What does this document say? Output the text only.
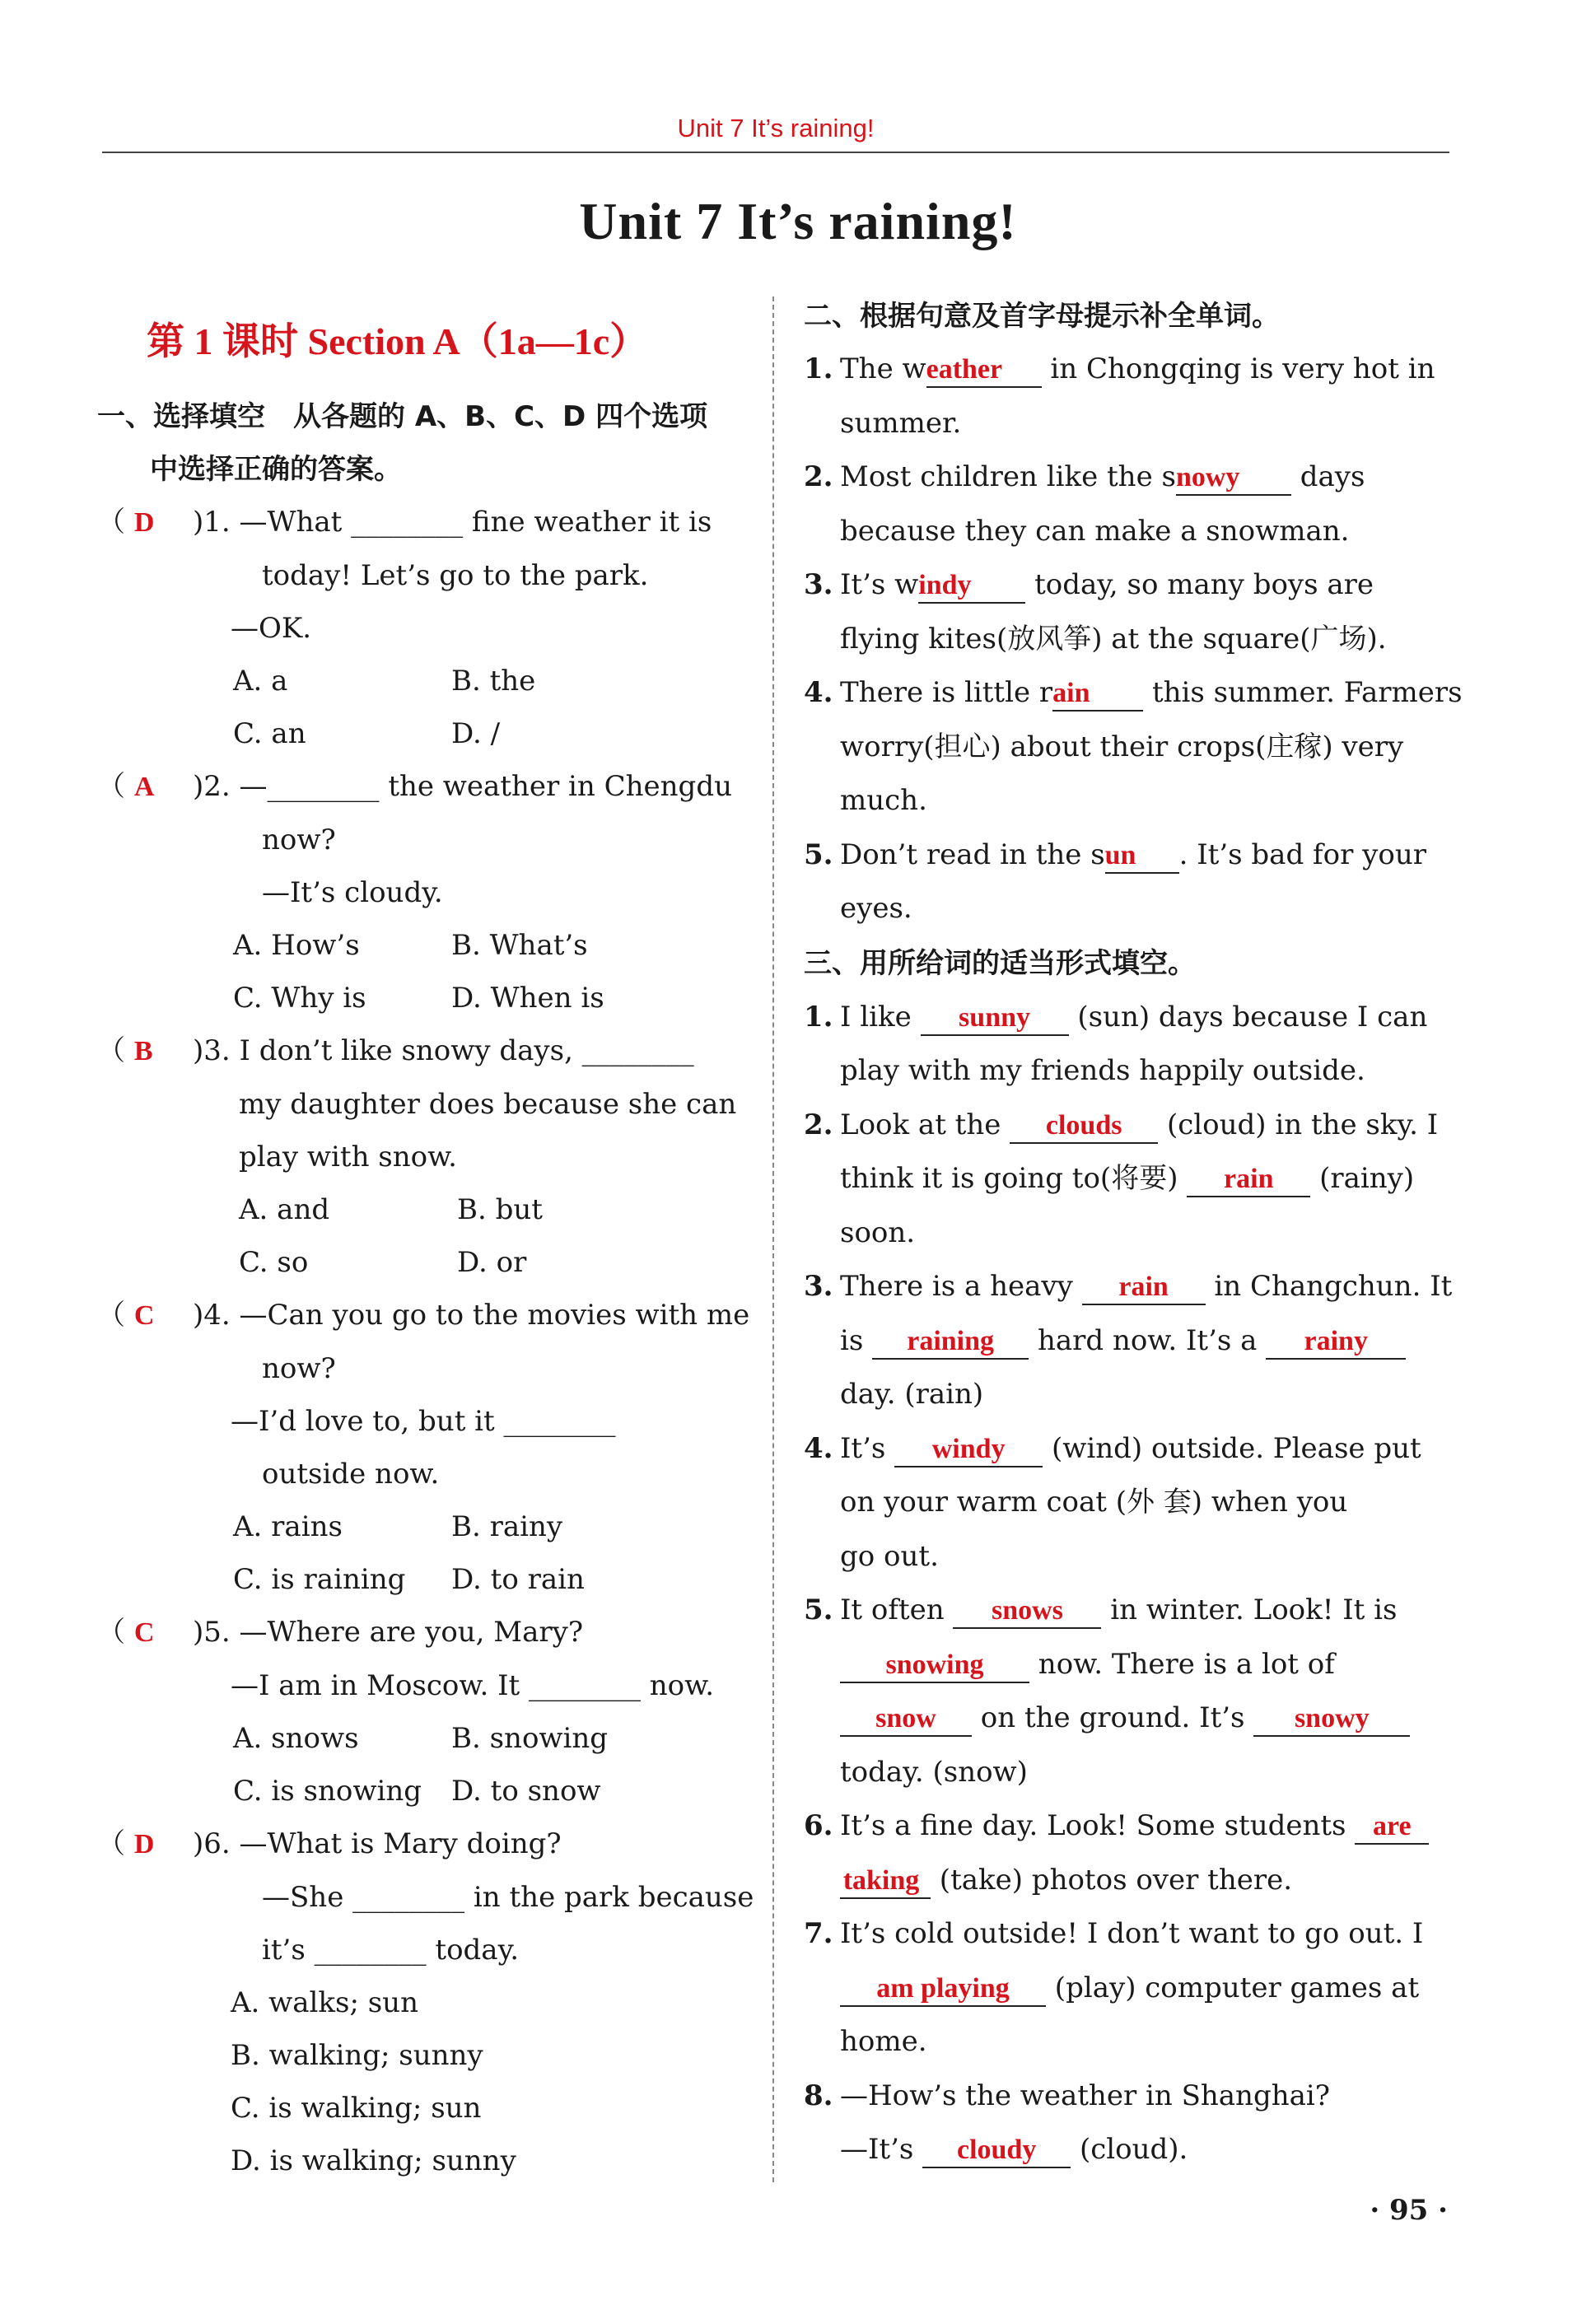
Unit 7 It’s raining!
Unit 7 It’s raining!
第 1 课时 Section A（1a—1c）
一、选择填空　从各题的 A、B、C、D 四个选项
中选择正确的答案。
（ D	)1. —What ________ fine weather it is
today! Let’s go to the park.
—OK.
A. a	B. the
C. an	D. /
（ A	)2. —________ the weather in Chengdu
now?
—It’s cloudy.
A. How’s	B. What’s
C. Why is	D. When is
（ B	)3. I don’t like snowy days, ________
my daughter does because she can
play with snow.
A. and	B. but
C. so	D. or
（ C	)4. —Can you go to the movies with me
now?
—I’d love to, but it ________
outside now.
A. rains	B. rainy
C. is raining	D. to rain
（ C	)5. —Where are you, Mary?
—I am in Moscow. It ________ now.
A. snows	B. snowing
C. is snowing	D. to snow
（ D	)6. —What is Mary doing?
—She ________ in the park because
it’s ________ today.
A. walks; sun
B. walking; sunny
C. is walking; sun
D. is walking; sunny
二、根据句意及首字母提示补全单词。
1. The weather in Chongqing is very hot in
summer.
2. Most children like the snowy days
because they can make a snowman.
3. It’s windy today, so many boys are
flying kites(放风筝) at the square(广场).
4. There is little rain this summer. Farmers
worry(担心) about their crops(庄稼) very
much.
5. Don’t read in the sun . It’s bad for your
eyes.
三、用所给词的适当形式填空。
1. I like sunny (sun) days because I can
play with my friends happily outside.
2. Look at the clouds (cloud) in the sky. I
think it is going to(将要) rain (rainy)
soon.
3. There is a heavy rain in Changchun. It
is raining hard now. It’s a rainy
day. (rain)
4. It’s windy (wind) outside. Please put
on your warm coat (外 套) when you
go out.
5. It often snows in winter. Look! It is
snowing now. There is a lot of
snow on the ground. It’s snowy
today. (snow)
6. It’s a fine day. Look! Some students are
taking (take) photos over there.
7. It’s cold outside! I don’t want to go out. I
am playing (play) computer games at
home.
8. —How’s the weather in Shanghai?
—It’s cloudy (cloud).
· 95 ·
